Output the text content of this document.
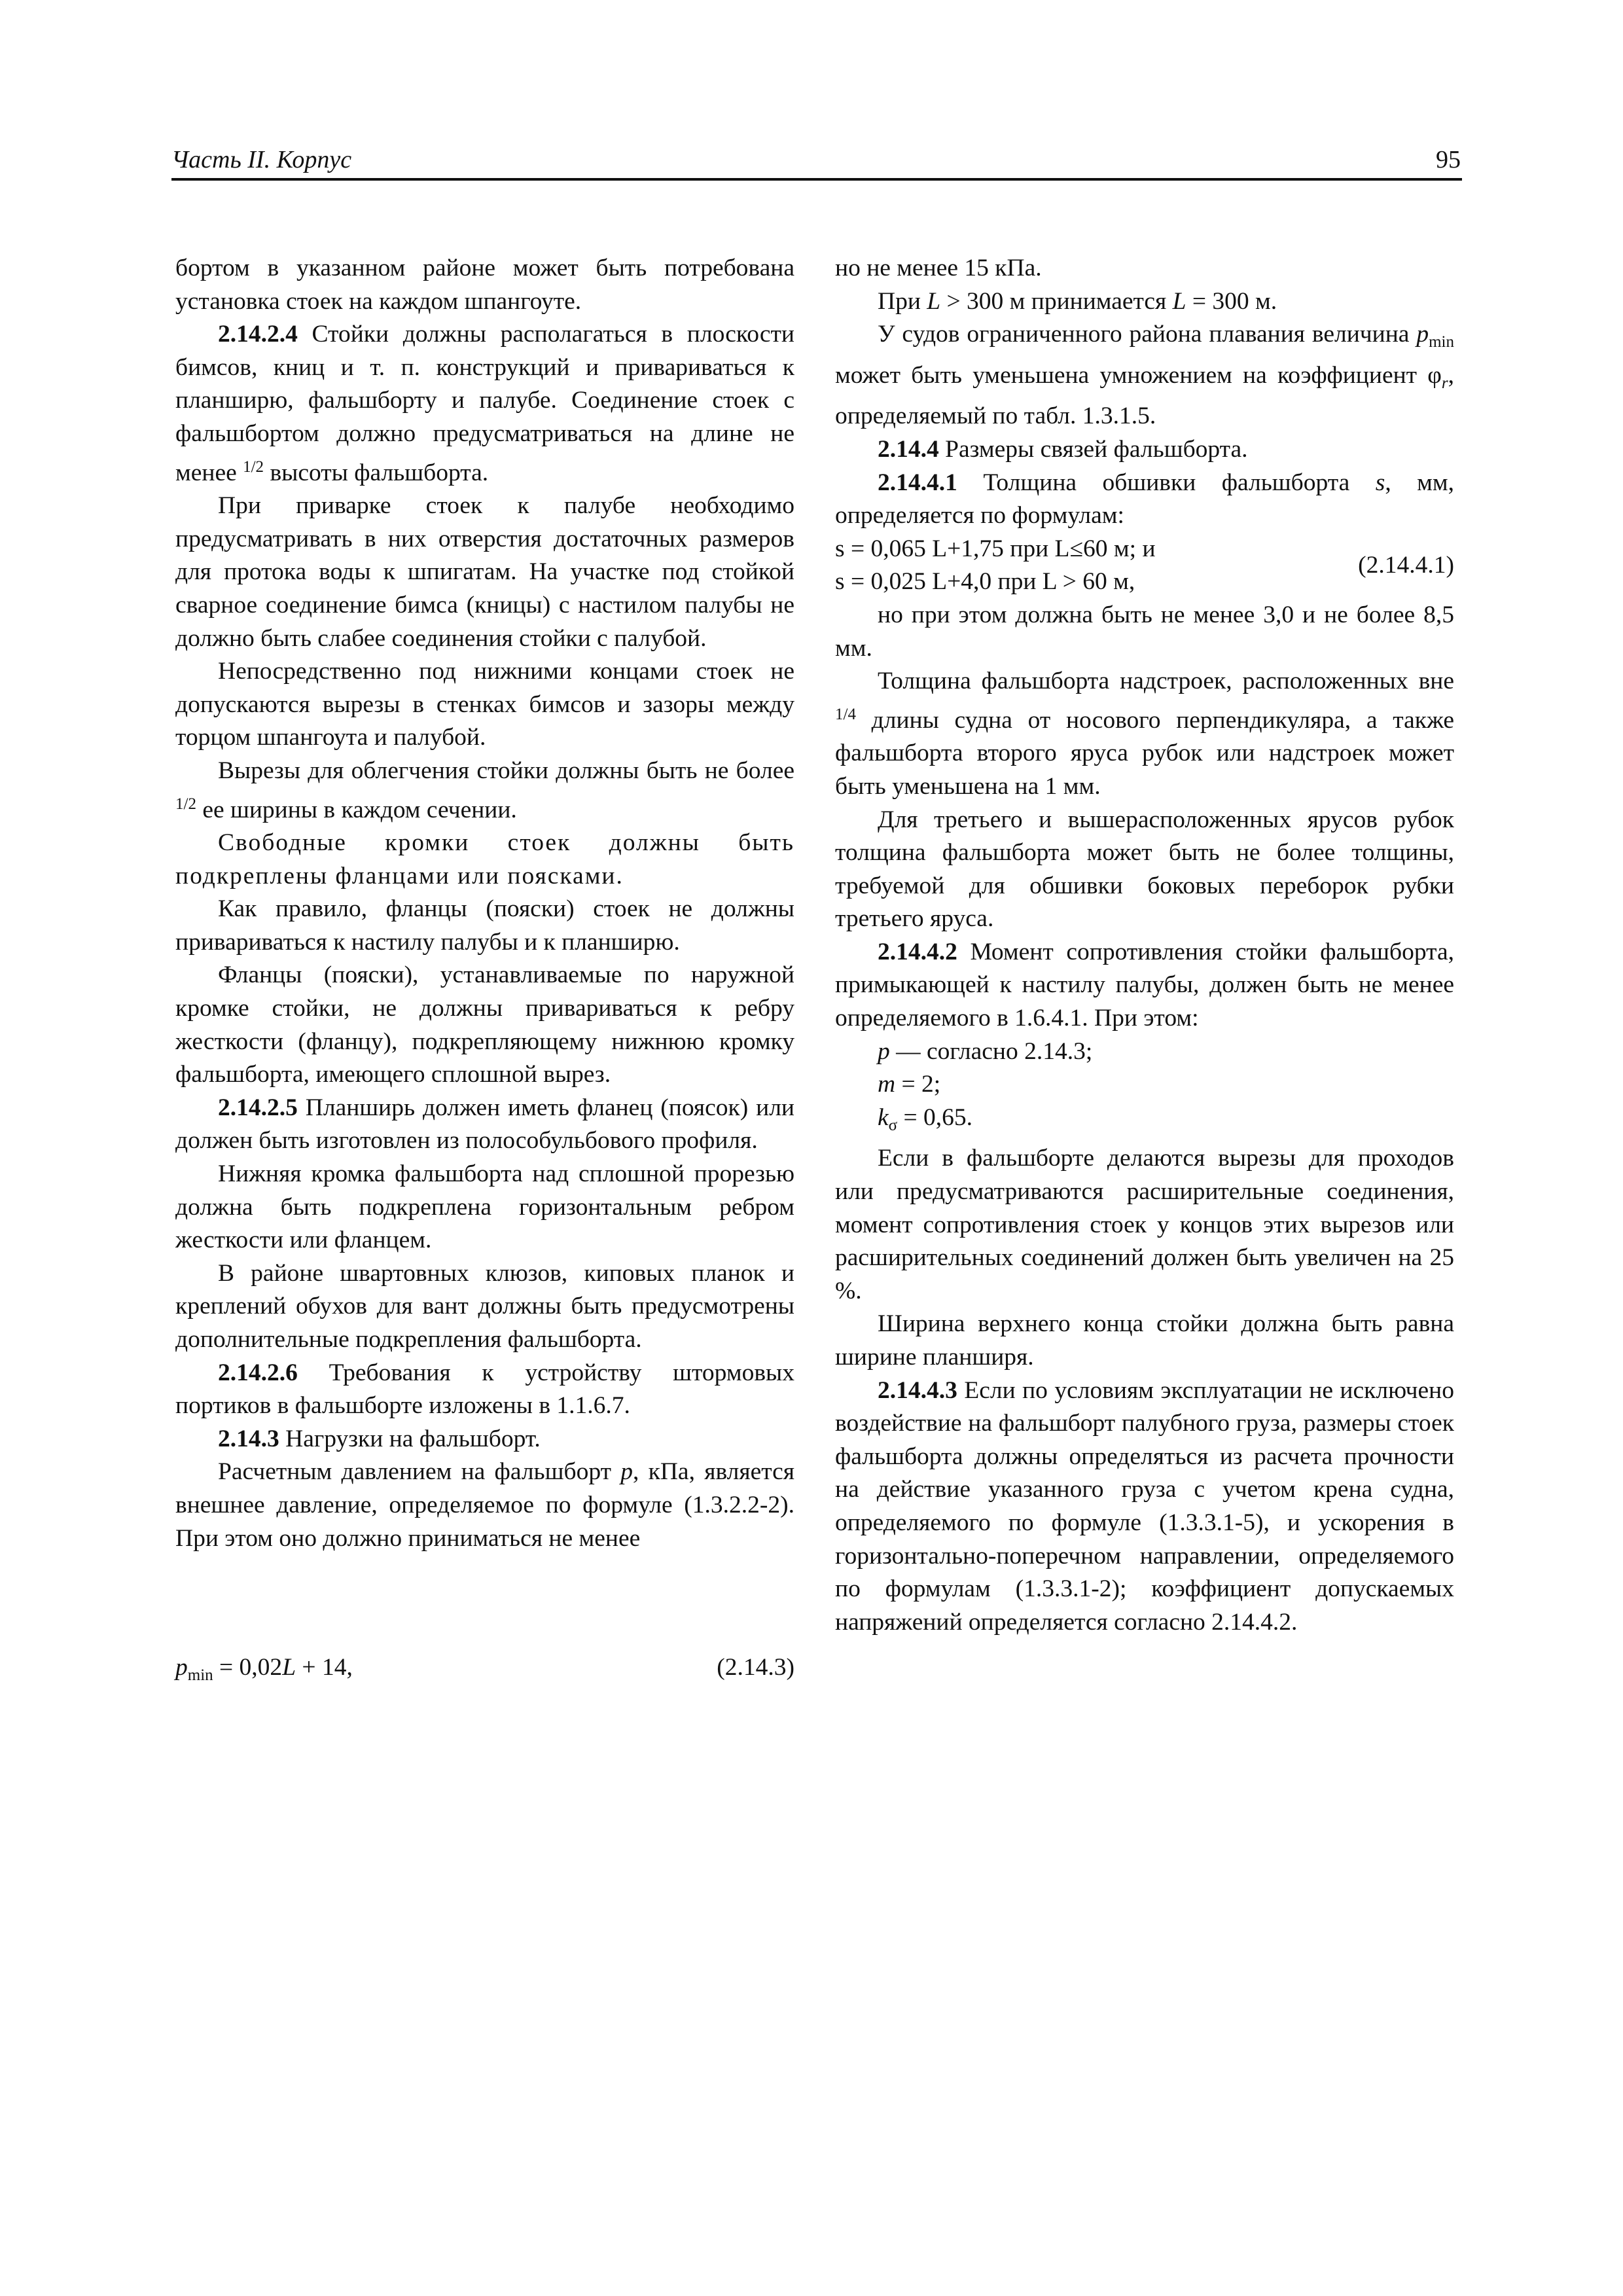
Часть II. Корпус	95

бортом в указанном районе может быть потребована установка стоек на каждом шпангоуте.

2.14.2.4 Стойки должны располагаться в плоскости бимсов, книц и т. п. конструкций и привариваться к планширю, фальшборту и палубе. Соединение стоек с фальшбортом должно предусматриваться на длине не менее $^{1/2}$ высоты фальшборта.

При приварке стоек к палубе необходимо предусматривать в них отверстия достаточных размеров для протока воды к шпигатам. На участке под стойкой сварное соединение бимса (кницы) с настилом палубы не должно быть слабее соединения стойки с палубой.

Непосредственно под нижними концами стоек не допускаются вырезы в стенках бимсов и зазоры между торцом шпангоута и палубой.

Вырезы для облегчения стойки должны быть не более $^{1/2}$ ее ширины в каждом сечении.

Свободные кромки стоек должны быть подкреплены фланцами или поясками.

Как правило, фланцы (пояски) стоек не должны привариваться к настилу палубы и к планширю.

Фланцы (пояски), устанавливаемые по наружной кромке стойки, не должны привариваться к ребру жесткости (фланцу), подкрепляющему нижнюю кромку фальшборта, имеющего сплошной вырез.

2.14.2.5 Планширь должен иметь фланец (поясок) или должен быть изготовлен из полособульбового профиля.

Нижняя кромка фальшборта над сплошной прорезью должна быть подкреплена горизонтальным ребром жесткости или фланцем.

В районе швартовных клюзов, киповых планок и креплений обухов для вант должны быть предусмотрены дополнительные подкрепления фальшборта.

2.14.2.6 Требования к устройству штормовых портиков в фальшборте изложены в 1.1.6.7.

2.14.3 Нагрузки на фальшборт.

Расчетным давлением на фальшборт p, кПа, является внешнее давление, определяемое по формуле (1.3.2.2-2). При этом оно должно приниматься не менее

$p_{min} = 0,02L + 14$,	(2.14.3)

но не менее 15 кПа.

При L > 300 м принимается L = 300 м.

У судов ограниченного района плавания величина $p_{min}$ может быть уменьшена умножением на коэффициент $\varphi_r$, определяемый по табл. 1.3.1.5.

2.14.4 Размеры связей фальшборта.

2.14.4.1 Толщина обшивки фальшборта s, мм, определяется по формулам:

s = 0,065 L+1,75 при L≤60 м; и
s = 0,025 L+4,0 при L > 60 м,
(2.14.4.1)

но при этом должна быть не менее 3,0 и не более 8,5 мм.

Толщина фальшборта надстроек, расположенных вне $^{1/4}$ длины судна от носового перпендикуляра, а также фальшборта второго яруса рубок или надстроек может быть уменьшена на 1 мм.

Для третьего и вышерасположенных ярусов рубок толщина фальшборта может быть не более толщины, требуемой для обшивки боковых переборок рубки третьего яруса.

2.14.4.2 Момент сопротивления стойки фальшборта, примыкающей к настилу палубы, должен быть не менее определяемого в 1.6.4.1. При этом:

p — согласно 2.14.3;

m = 2;

$k_\sigma = 0,65$.

Если в фальшборте делаются вырезы для проходов или предусматриваются расширительные соединения, момент сопротивления стоек у концов этих вырезов или расширительных соединений должен быть увеличен на 25 %.

Ширина верхнего конца стойки должна быть равна ширине планширя.

2.14.4.3 Если по условиям эксплуатации не исключено воздействие на фальшборт палубного груза, размеры стоек фальшборта должны определяться из расчета прочности на действие указанного груза с учетом крена судна, определяемого по формуле (1.3.3.1-5), и ускорения в горизонтально-поперечном направлении, определяемого по формулам (1.3.3.1-2); коэффициент допускаемых напряжений определяется согласно 2.14.4.2.
